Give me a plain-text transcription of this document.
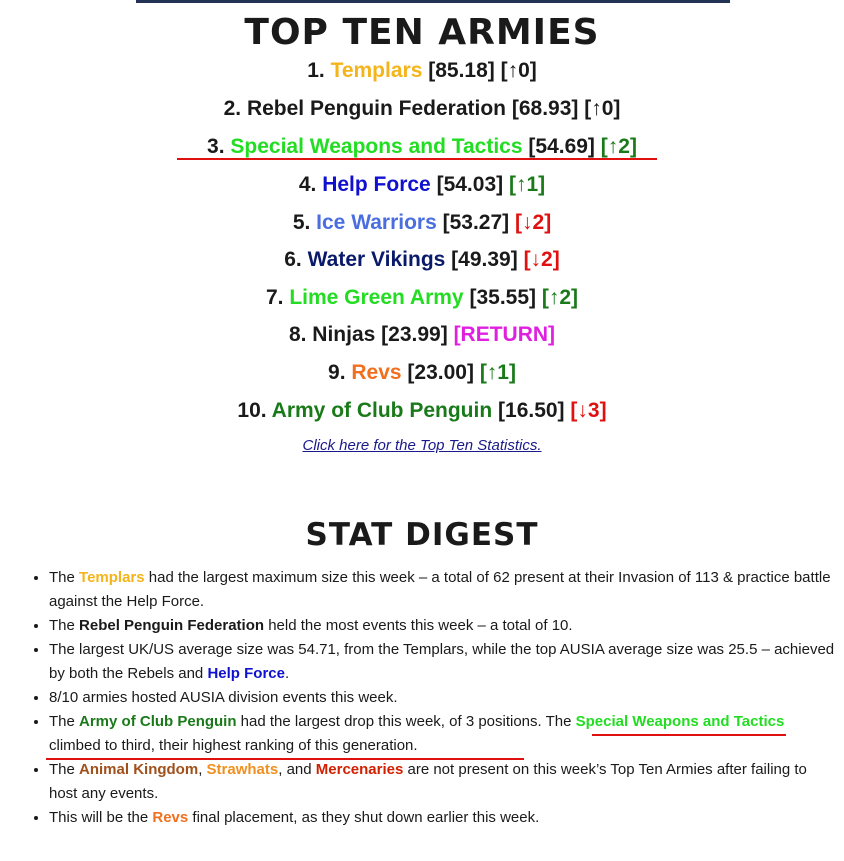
TOP TEN ARMIES
1. Templars [85.18] [↑0]
2. Rebel Penguin Federation [68.93] [↑0]
3. Special Weapons and Tactics [54.69] [↑2]
4. Help Force [54.03] [↑1]
5. Ice Warriors [53.27] [↓2]
6. Water Vikings [49.39] [↓2]
7. Lime Green Army [35.55] [↑2]
8. Ninjas [23.99] [RETURN]
9. Revs [23.00] [↑1]
10. Army of Club Penguin [16.50] [↓3]
Click here for the Top Ten Statistics.
STAT DIGEST
• The Templars had the largest maximum size this week – a total of 62 present at their Invasion of 113 & practice battle against the Help Force.
• The Rebel Penguin Federation held the most events this week – a total of 10.
• The largest UK/US average size was 54.71, from the Templars, while the top AUSIA average size was 25.5 – achieved by both the Rebels and Help Force.
• 8/10 armies hosted AUSIA division events this week.
• The Army of Club Penguin had the largest drop this week, of 3 positions. The Special Weapons and Tactics climbed to third, their highest ranking of this generation.
• The Animal Kingdom, Strawhats, and Mercenaries are not present on this week’s Top Ten Armies after failing to host any events.
• This will be the Revs final placement, as they shut down earlier this week.
